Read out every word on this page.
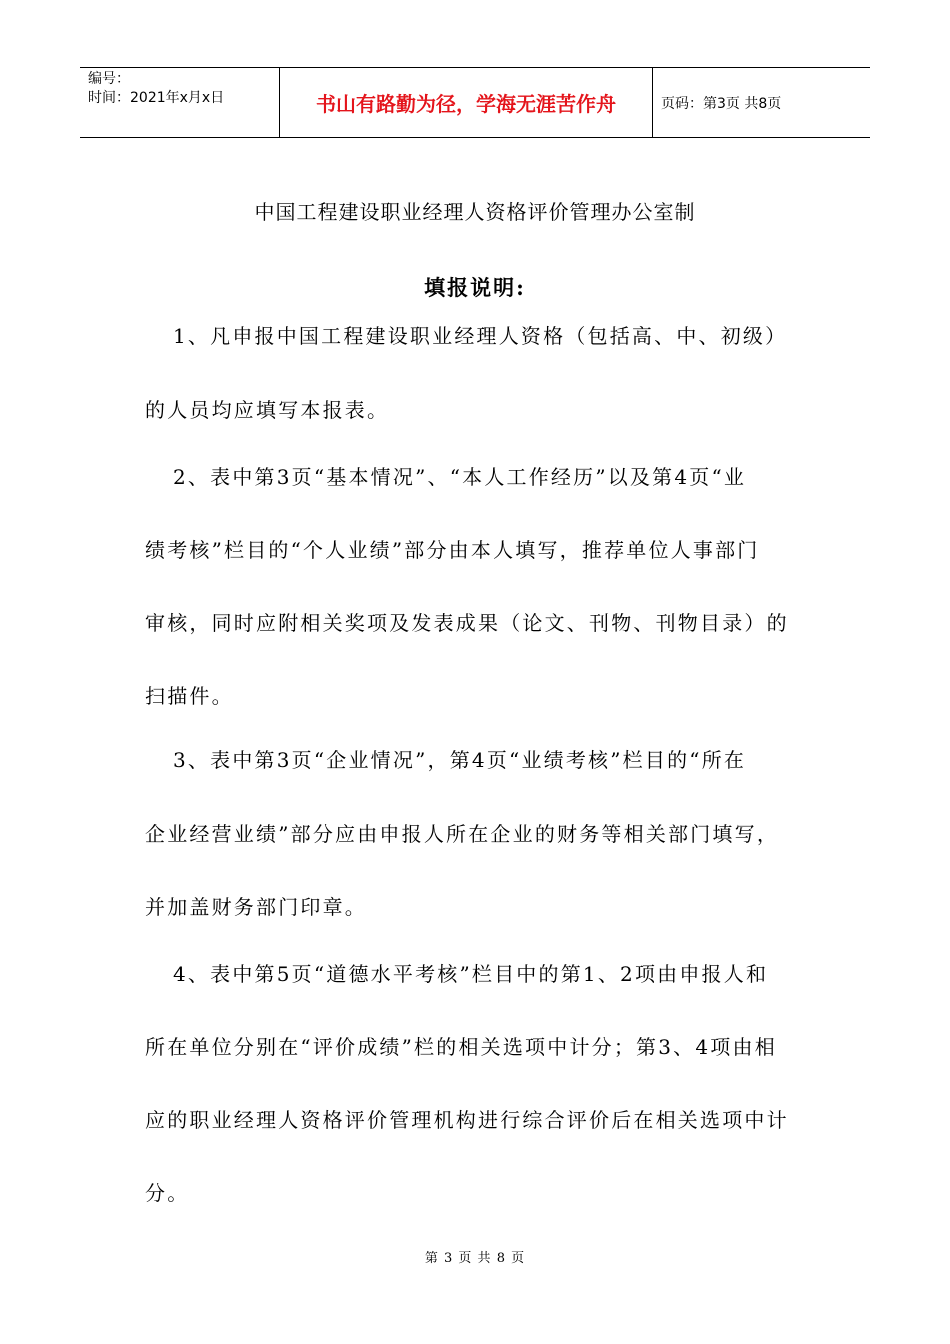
编号：
时间：2021年x月x日	书山有路勤为径，学海无涯苦作舟	页码：第3页 共8页
中国工程建设职业经理人资格评价管理办公室制
填报说明:
1、凡申报中国工程建设职业经理人资格（包括高、中、初级）
的人员均应填写本报表。
2、表中第3页“基本情况”、“本人工作经历”以及第4页“业
绩考核”栏目的“个人业绩”部分由本人填写，推荐单位人事部门
审核，同时应附相关奖项及发表成果（论文、刊物、刊物目录）的
扫描件。
3、表中第3页“企业情况”，第4页“业绩考核”栏目的“所在
企业经营业绩”部分应由申报人所在企业的财务等相关部门填写，
并加盖财务部门印章。
4、表中第5页“道德水平考核”栏目中的第1、2项由申报人和
所在单位分别在“评价成绩”栏的相关选项中计分；第3、4项由相
应的职业经理人资格评价管理机构进行综合评价后在相关选项中计
分。
第 3 页 共 8 页
